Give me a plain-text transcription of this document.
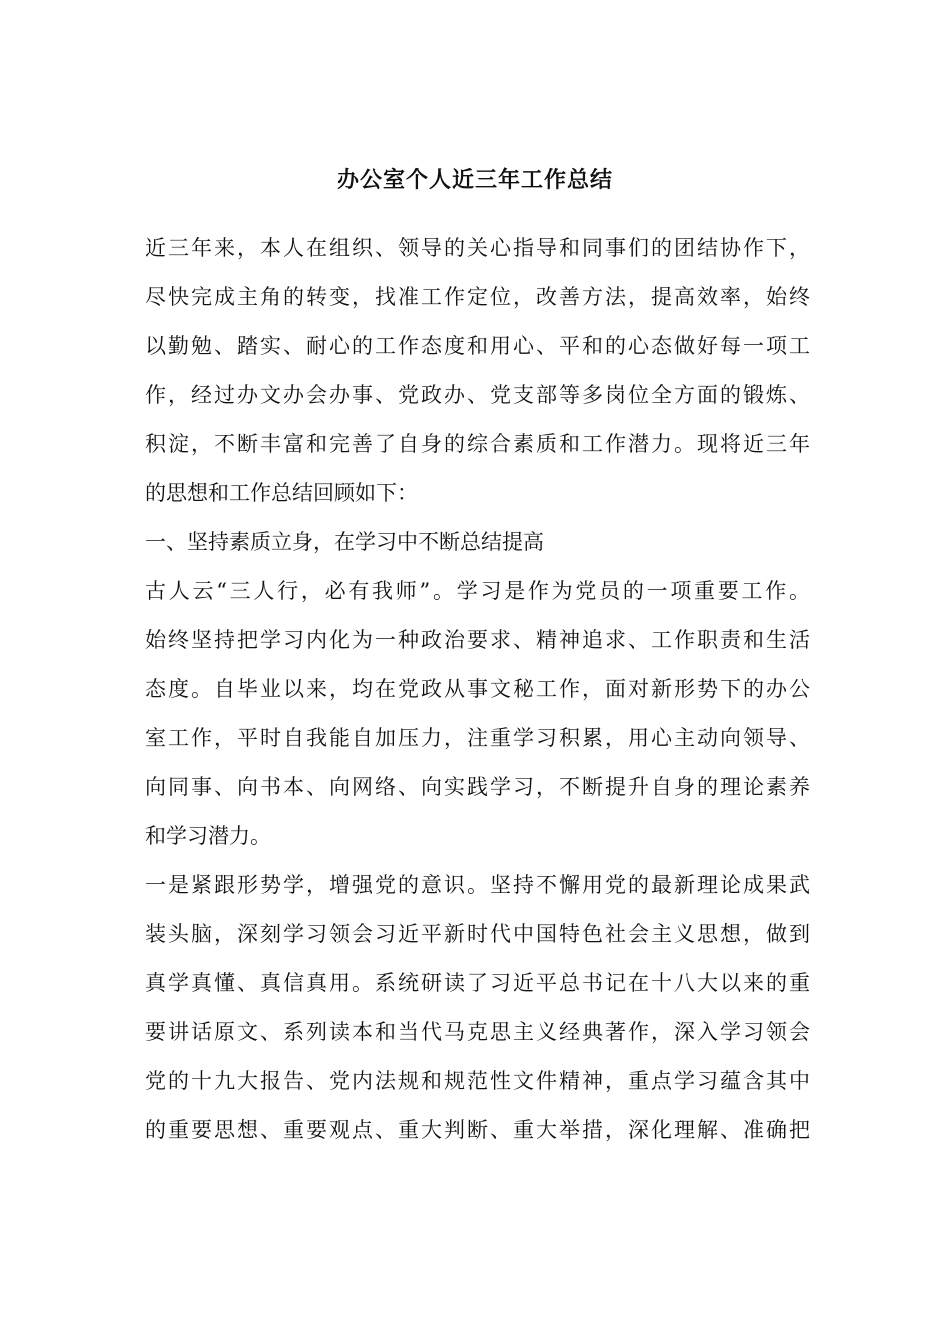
办公室个人近三年工作总结
近三年来，本人在组织、领导的关心指导和同事们的团结协作下，
尽快完成主角的转变，找准工作定位，改善方法，提高效率，始终
以勤勉、踏实、耐心的工作态度和用心、平和的心态做好每一项工
作，经过办文办会办事、党政办、党支部等多岗位全方面的锻炼、
积淀，不断丰富和完善了自身的综合素质和工作潜力。现将近三年
的思想和工作总结回顾如下：
一、坚持素质立身，在学习中不断总结提高
古人云“三人行，必有我师”。学习是作为党员的一项重要工作。
始终坚持把学习内化为一种政治要求、精神追求、工作职责和生活
态度。自毕业以来，均在党政从事文秘工作，面对新形势下的办公
室工作，平时自我能自加压力，注重学习积累，用心主动向领导、
向同事、向书本、向网络、向实践学习，不断提升自身的理论素养
和学习潜力。
一是紧跟形势学，增强党的意识。坚持不懈用党的最新理论成果武
装头脑，深刻学习领会习近平新时代中国特色社会主义思想，做到
真学真懂、真信真用。系统研读了习近平总书记在十八大以来的重
要讲话原文、系列读本和当代马克思主义经典著作，深入学习领会
党的十九大报告、党内法规和规范性文件精神，重点学习蕴含其中
的重要思想、重要观点、重大判断、重大举措，深化理解、准确把
